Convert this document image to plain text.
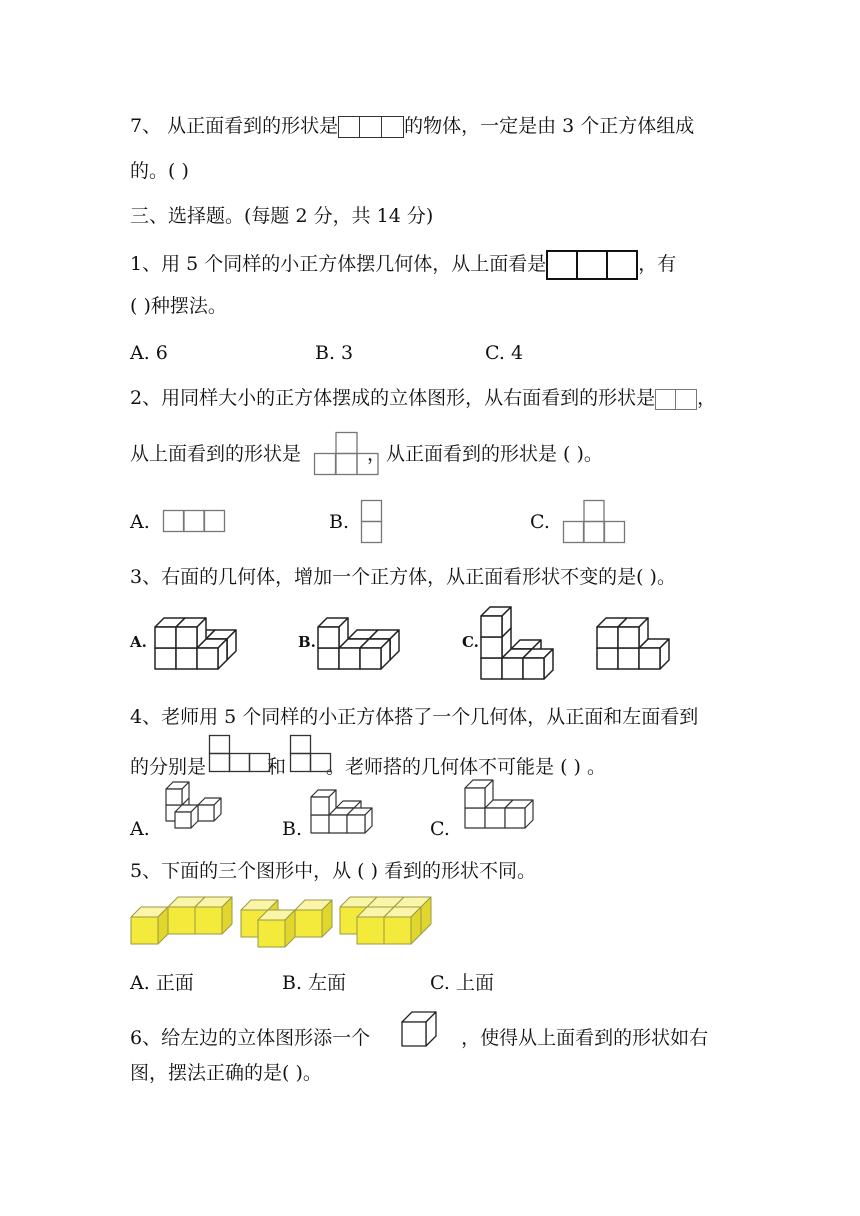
7、 从正面看到的形状是	的物体，一定是由 3 个正方体组成
的。( )
三、选择题。(每题 2 分，共 14 分)
1、用 5 个同样的小正方体摆几何体，从上面看是	，有
( )种摆法。
A. 6	B. 3	C. 4
2、用同样大小的正方体摆成的立体图形，从右面看到的形状是 ，
从上面看到的形状是	，从正面看到的形状是 ( )。
A.	B.	C.
3、右面的几何体，增加一个正方体，从正面看形状不变的是( )。
A.	B.	C.
4、老师用 5 个同样的小正方体搭了一个几何体，从正面和左面看到
的分别是	和 。老师搭的几何体不可能是 ( ) 。
A.	B.	C.
5、下面的三个图形中，从 ( ) 看到的形状不同。
A. 正面	B. 左面	C. 上面
6、给左边的立体图形添一个	，使得从上面看到的形状如右
图，摆法正确的是( )。
